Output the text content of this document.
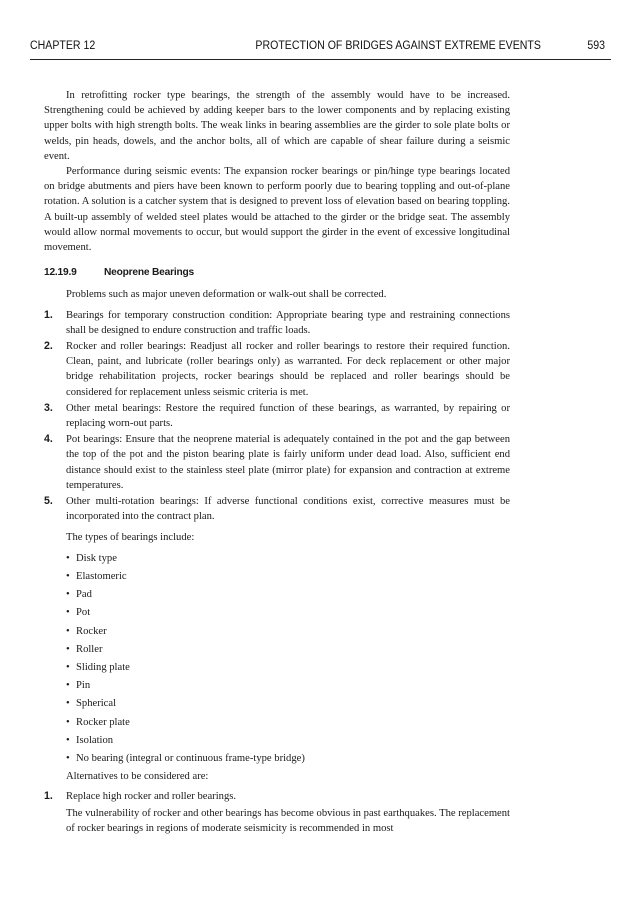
CHAPTER 12	PROTECTION OF BRIDGES AGAINST EXTREME EVENTS	593

In retrofitting rocker type bearings, the strength of the assembly would have to be increased. Strengthening could be achieved by adding keeper bars to the lower components and by replacing existing upper bolts with high strength bolts. The weak links in bearing assemblies are the girder to sole plate bolts or welds, pin heads, dowels, and the anchor bolts, all of which are capable of shear failure during a seismic event.

Performance during seismic events: The expansion rocker bearings or pin/hinge type bearings located on bridge abutments and piers have been known to perform poorly due to bearing toppling and out-of-plane rotation. A solution is a catcher system that is designed to prevent loss of elevation based on bearing toppling. A built-up assembly of welded steel plates would be attached to the girder or the bridge seat. The assembly would allow normal movements to occur, but would support the girder in the event of excessive longitudinal movement.

12.19.9	Neoprene Bearings

Problems such as major uneven deformation or walk-out shall be corrected.

1. Bearings for temporary construction condition: Appropriate bearing type and restraining connections shall be designed to endure construction and traffic loads.
2. Rocker and roller bearings: Readjust all rocker and roller bearings to restore their required function. Clean, paint, and lubricate (roller bearings only) as warranted. For deck replacement or other major bridge rehabilitation projects, rocker bearings should be replaced and roller bearings should be considered for replacement unless seismic criteria is met.
3. Other metal bearings: Restore the required function of these bearings, as warranted, by repairing or replacing worn-out parts.
4. Pot bearings: Ensure that the neoprene material is adequately contained in the pot and the gap between the top of the pot and the piston bearing plate is fairly uniform under dead load. Also, sufficient end distance should exist to the stainless steel plate (mirror plate) for expansion and contraction at extreme temperatures.
5. Other multi-rotation bearings: If adverse functional conditions exist, corrective measures must be incorporated into the contract plan.

The types of bearings include:

• Disk type
• Elastomeric
• Pad
• Pot
• Rocker
• Roller
• Sliding plate
• Pin
• Spherical
• Rocker plate
• Isolation
• No bearing (integral or continuous frame-type bridge)

Alternatives to be considered are:

1. Replace high rocker and roller bearings.

The vulnerability of rocker and other bearings has become obvious in past earthquakes. The replacement of rocker bearings in regions of moderate seismicity is recommended in most
